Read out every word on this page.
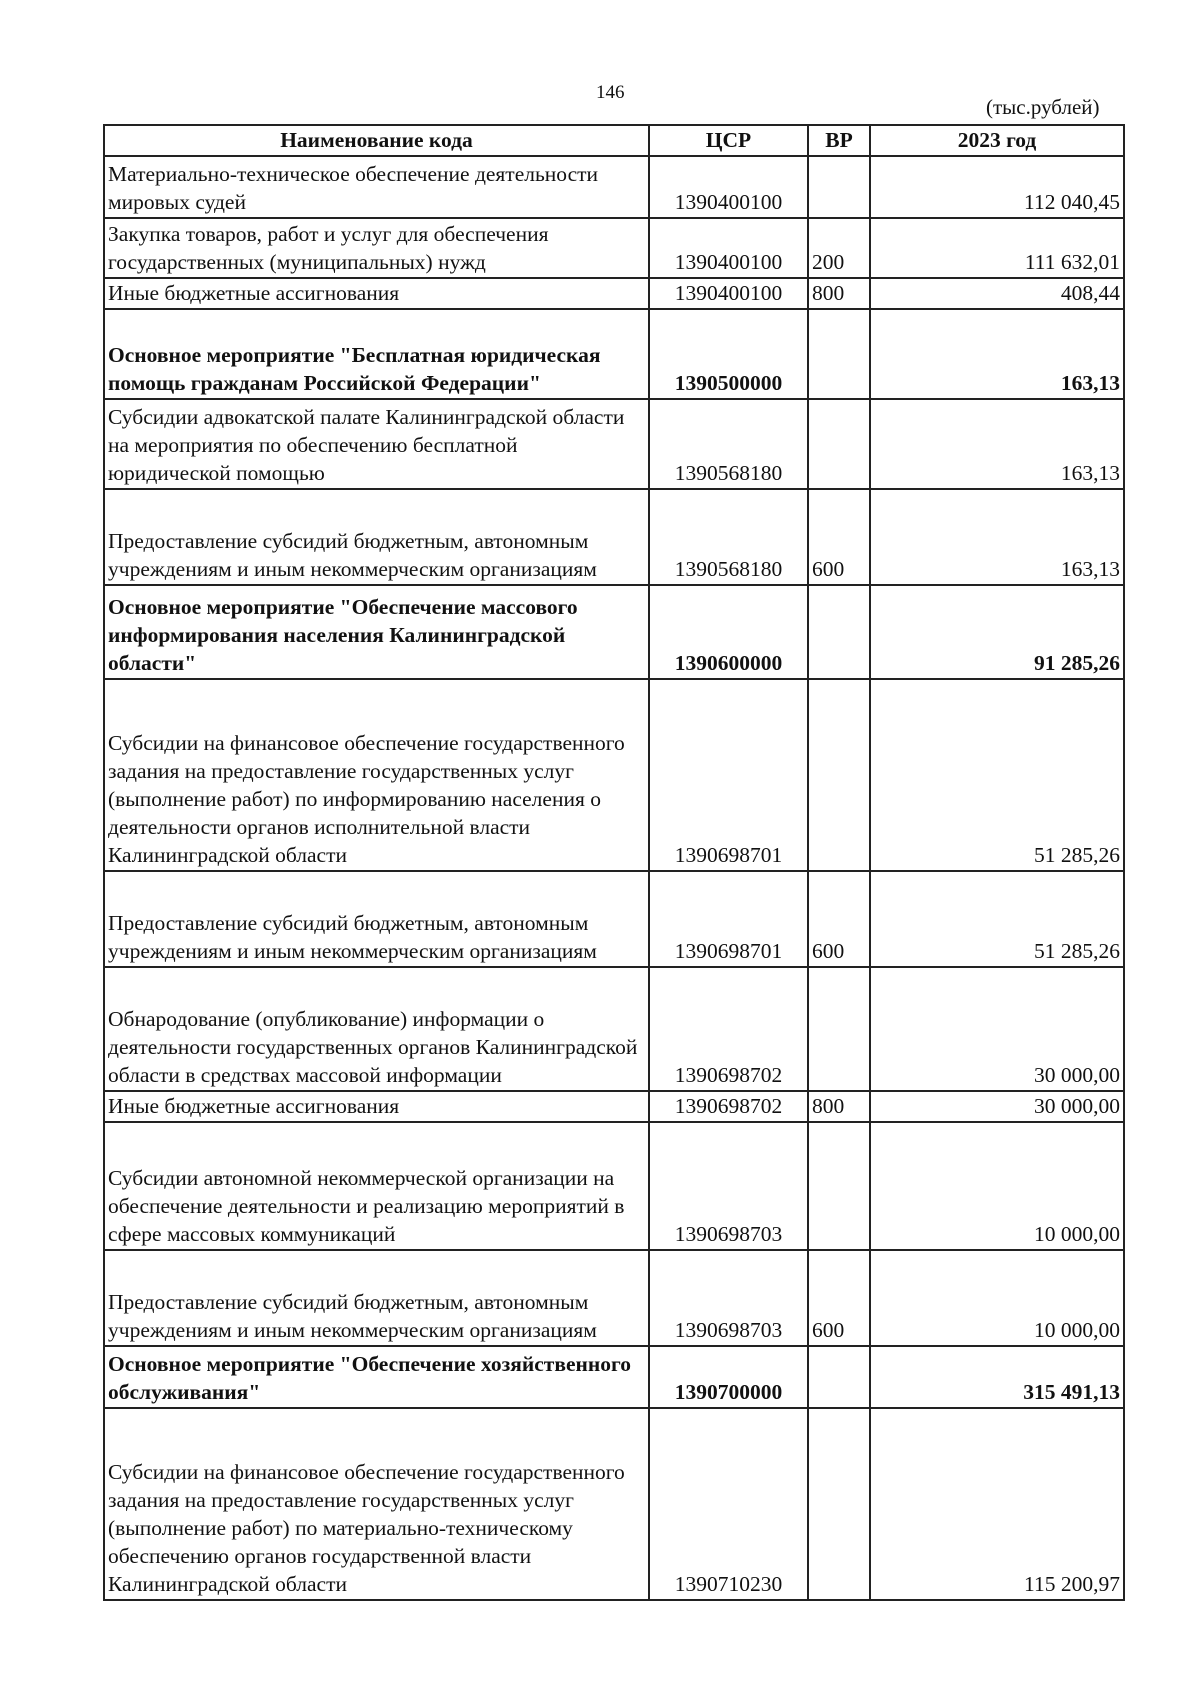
146
(тыс.рублей)
Наименование кода	ЦСР	ВР	2023 год
Материально-техническое обеспечение деятельности мировых судей	1390400100		112 040,45
Закупка товаров, работ и услуг для обеспечения государственных (муниципальных) нужд	1390400100	200	111 632,01
Иные бюджетные ассигнования	1390400100	800	408,44
Основное мероприятие "Бесплатная юридическая помощь гражданам Российской Федерации"	1390500000		163,13
Субсидии адвокатской палате Калининградской области на мероприятия по обеспечению бесплатной юридической помощью	1390568180		163,13
Предоставление субсидий бюджетным, автономным учреждениям и иным некоммерческим организациям	1390568180	600	163,13
Основное мероприятие "Обеспечение массового информирования населения Калининградской области"	1390600000		91 285,26
Субсидии на финансовое обеспечение государственного задания на предоставление государственных услуг (выполнение работ) по информированию населения о деятельности органов исполнительной власти Калининградской области	1390698701		51 285,26
Предоставление субсидий бюджетным, автономным учреждениям и иным некоммерческим организациям	1390698701	600	51 285,26
Обнародование (опубликование) информации о деятельности государственных органов Калининградской области в средствах массовой информации	1390698702		30 000,00
Иные бюджетные ассигнования	1390698702	800	30 000,00
Субсидии автономной некоммерческой организации на обеспечение деятельности и реализацию мероприятий в сфере массовых коммуникаций	1390698703		10 000,00
Предоставление субсидий бюджетным, автономным учреждениям и иным некоммерческим организациям	1390698703	600	10 000,00
Основное мероприятие "Обеспечение хозяйственного обслуживания"	1390700000		315 491,13
Субсидии на финансовое обеспечение государственного задания на предоставление государственных услуг (выполнение работ) по материально-техническому обеспечению органов государственной власти Калининградской области	1390710230		115 200,97
